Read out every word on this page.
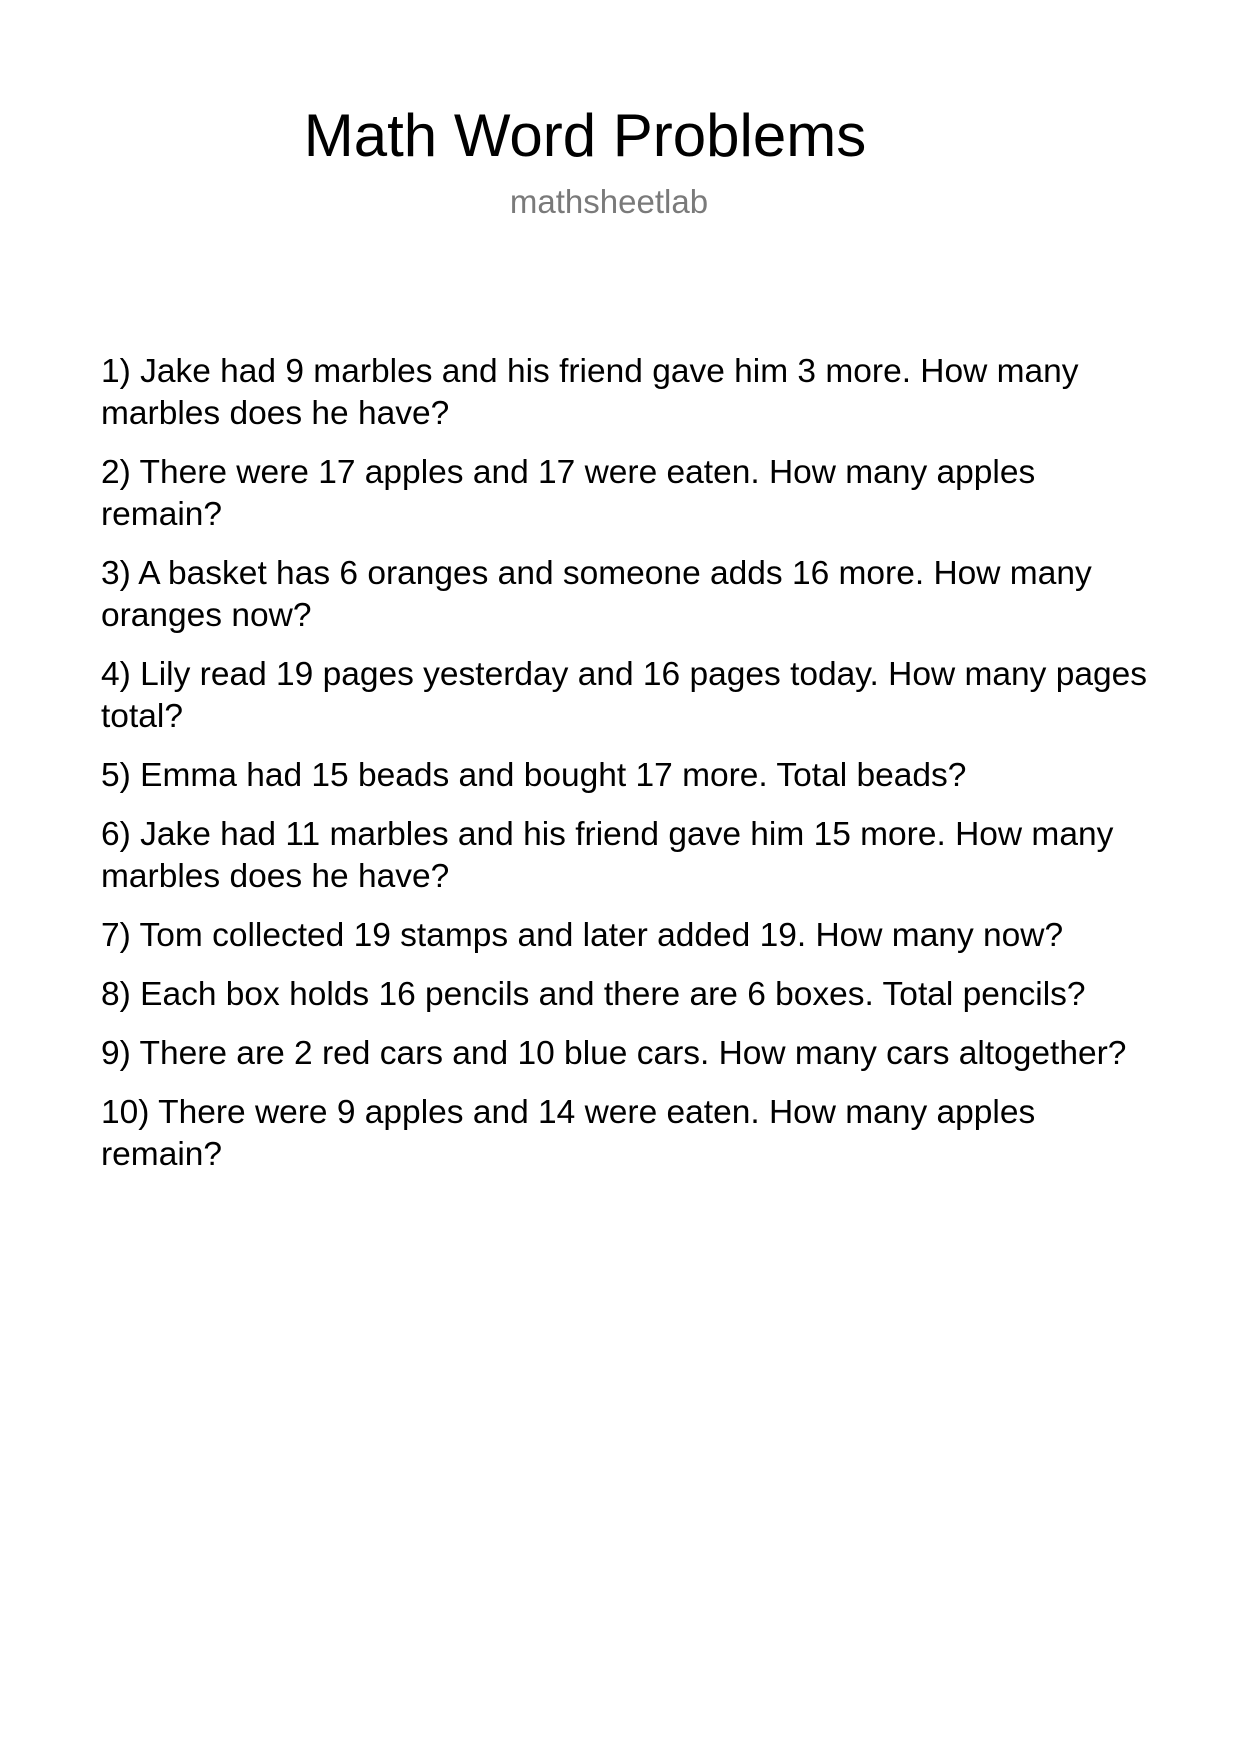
Math Word Problems
mathsheetlab
1) Jake had 9 marbles and his friend gave him 3 more. How many marbles does he have?
2) There were 17 apples and 17 were eaten. How many apples remain?
3) A basket has 6 oranges and someone adds 16 more. How many oranges now?
4) Lily read 19 pages yesterday and 16 pages today. How many pages total?
5) Emma had 15 beads and bought 17 more. Total beads?
6) Jake had 11 marbles and his friend gave him 15 more. How many marbles does he have?
7) Tom collected 19 stamps and later added 19. How many now?
8) Each box holds 16 pencils and there are 6 boxes. Total pencils?
9) There are 2 red cars and 10 blue cars. How many cars altogether?
10) There were 9 apples and 14 were eaten. How many apples remain?
